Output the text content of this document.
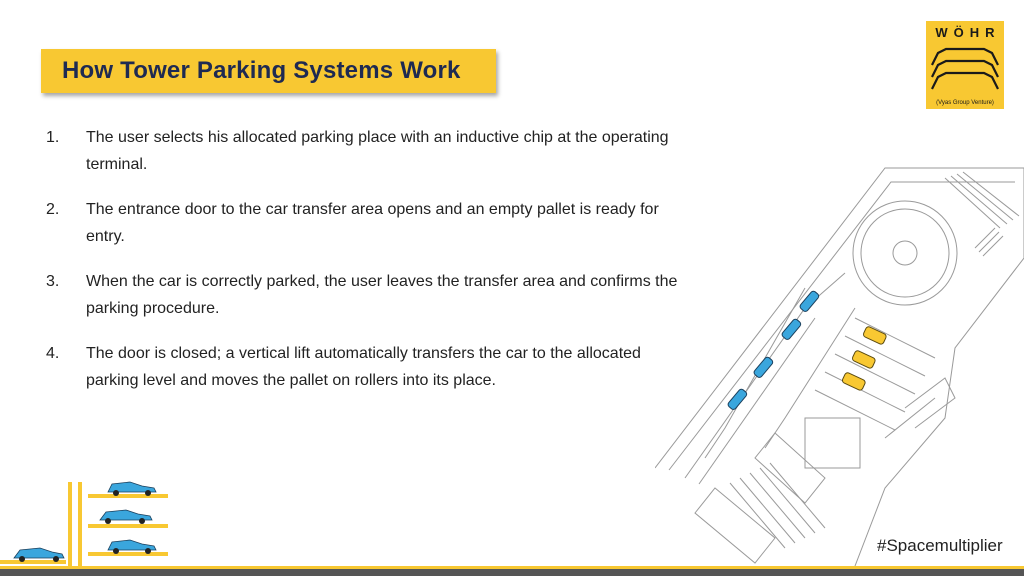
How Tower Parking Systems Work
WÖHR
(Vyas Group Venture)
1. The user selects his allocated parking place with an inductive chip at the operating terminal.
2. The entrance door to the car transfer area opens and an empty pallet is ready for entry.
3. When the car is correctly parked, the user leaves the transfer area and confirms the parking procedure.
4. The door is closed; a vertical lift automatically transfers the car to the allocated parking level and moves the pallet on rollers into its place.
#Spacemultiplier
